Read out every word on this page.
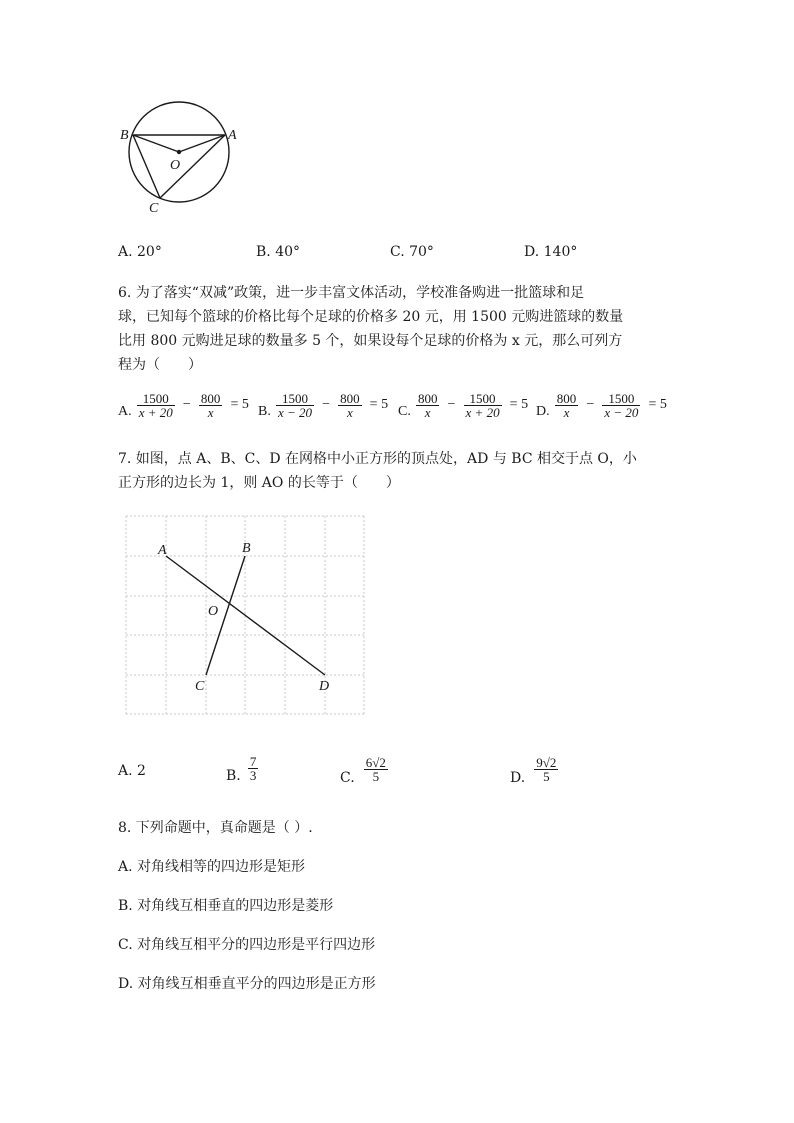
B	A
O
C
A. 20°	B. 40°	C. 70°	D. 140°
6. 为了落实“双减”政策，进一步丰富文体活动，学校准备购进一批篮球和足
球，已知每个篮球的价格比每个足球的价格多 20 元，用 1500 元购进篮球的数量
比用 800 元购进足球的数量多 5 个，如果设每个足球的价格为 x 元，那么可列方
程为（　　）
A. $\frac{1500}{x + 20} - \frac{800}{x} = 5$ B. $\frac{1500}{x - 20} - \frac{800}{x} = 5$ C. $\frac{800}{x} - \frac{1500}{x + 20} = 5$ D. $\frac{800}{x} - \frac{1500}{x - 20} = 5$
7. 如图，点 A、B、C、D 在网格中小正方形的顶点处，AD 与 BC 相交于点 O，小
正方形的边长为 1，则 AO 的长等于（　　）
A	B
O
C	D
A. 2	B. $\frac{7}{3}$	C. $\frac{6√2}{5}$	D. $\frac{9√2}{5}$
8. 下列命题中，真命题是（ ）.
A. 对角线相等的四边形是矩形
B. 对角线互相垂直的四边形是菱形
C. 对角线互相平分的四边形是平行四边形
D. 对角线互相垂直平分的四边形是正方形
